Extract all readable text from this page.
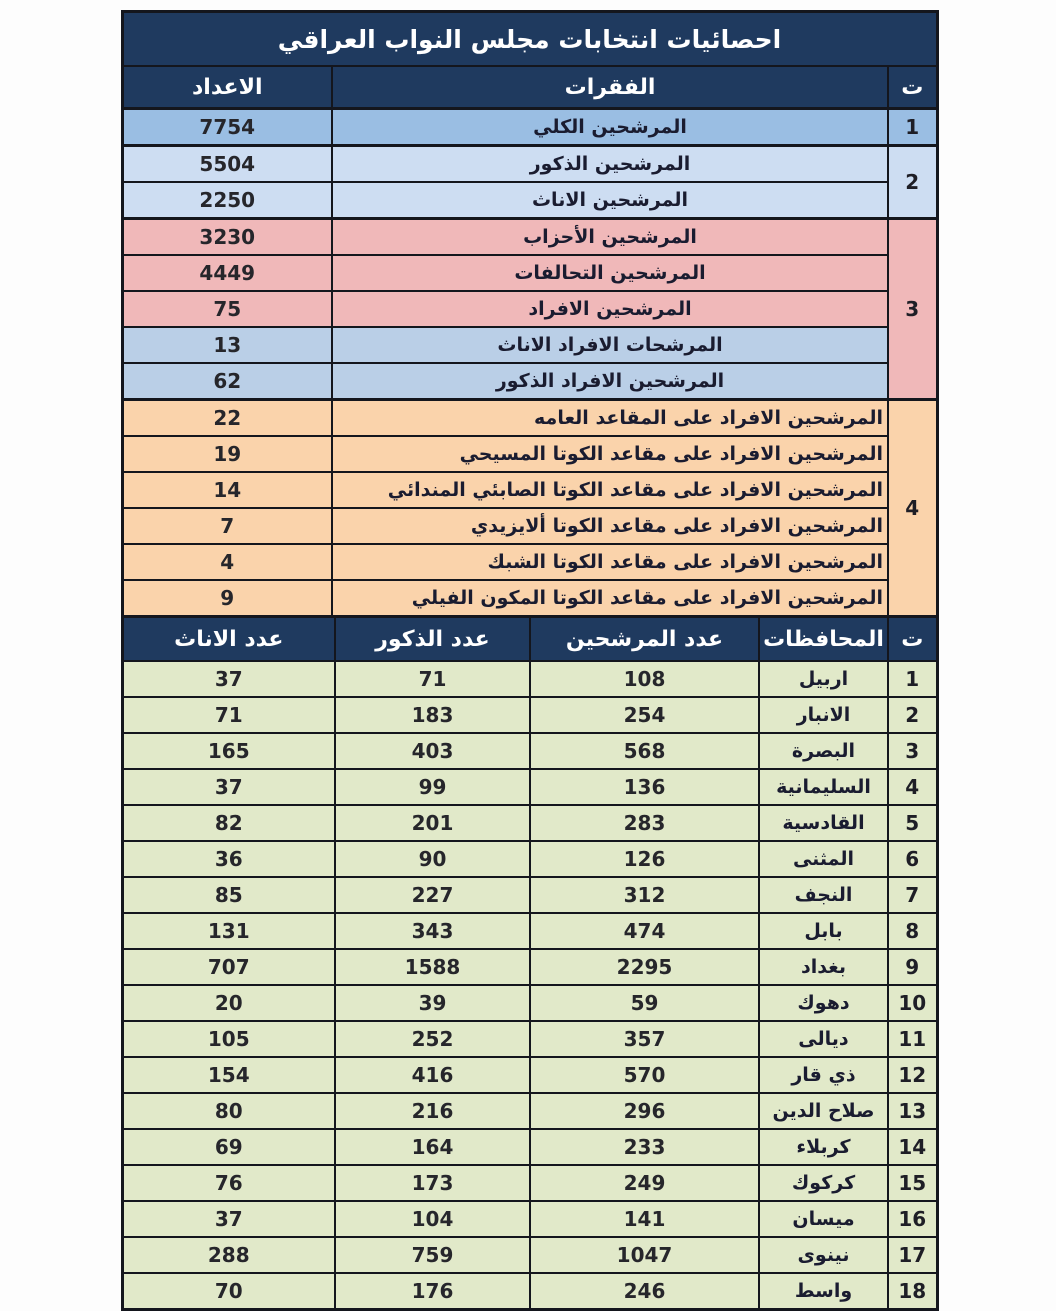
احصائيات انتخابات مجلس النواب العراقي		
ت	الفقرات	الاعداد
1	المرشحين الكلي	7754
2	المرشحين الذكور	5504
	المرشحين الاناث	2250
3	المرشحين الأحزاب	3230
	المرشحين التحالفات	4449
	المرشحين الافراد	75
	المرشحات الافراد الاناث	13
	المرشحين الافراد الذكور	62
4	المرشحين الافراد على المقاعد العامه	22
	المرشحين الافراد على مقاعد الكوتا المسيحي	19
	المرشحين الافراد على مقاعد الكوتا الصابئي المندائي	14
	المرشحين الافراد على مقاعد الكوتا ألايزيدي	7
	المرشحين الافراد على مقاعد الكوتا الشبك	4
	المرشحين الافراد على مقاعد الكوتا المكون الفيلي	9
ت	المحافظات	عدد المرشحين	عدد الذكور	عدد الاناث
1	اربيل	108	71	37
2	الانبار	254	183	71
3	البصرة	568	403	165
4	السليمانية	136	99	37
5	القادسية	283	201	82
6	المثنى	126	90	36
7	النجف	312	227	85
8	بابل	474	343	131
9	بغداد	2295	1588	707
10	دهوك	59	39	20
11	ديالى	357	252	105
12	ذي قار	570	416	154
13	صلاح الدين	296	216	80
14	كربلاء	233	164	69
15	كركوك	249	173	76
16	ميسان	141	104	37
17	نينوى	1047	759	288
18	واسط	246	176	70
